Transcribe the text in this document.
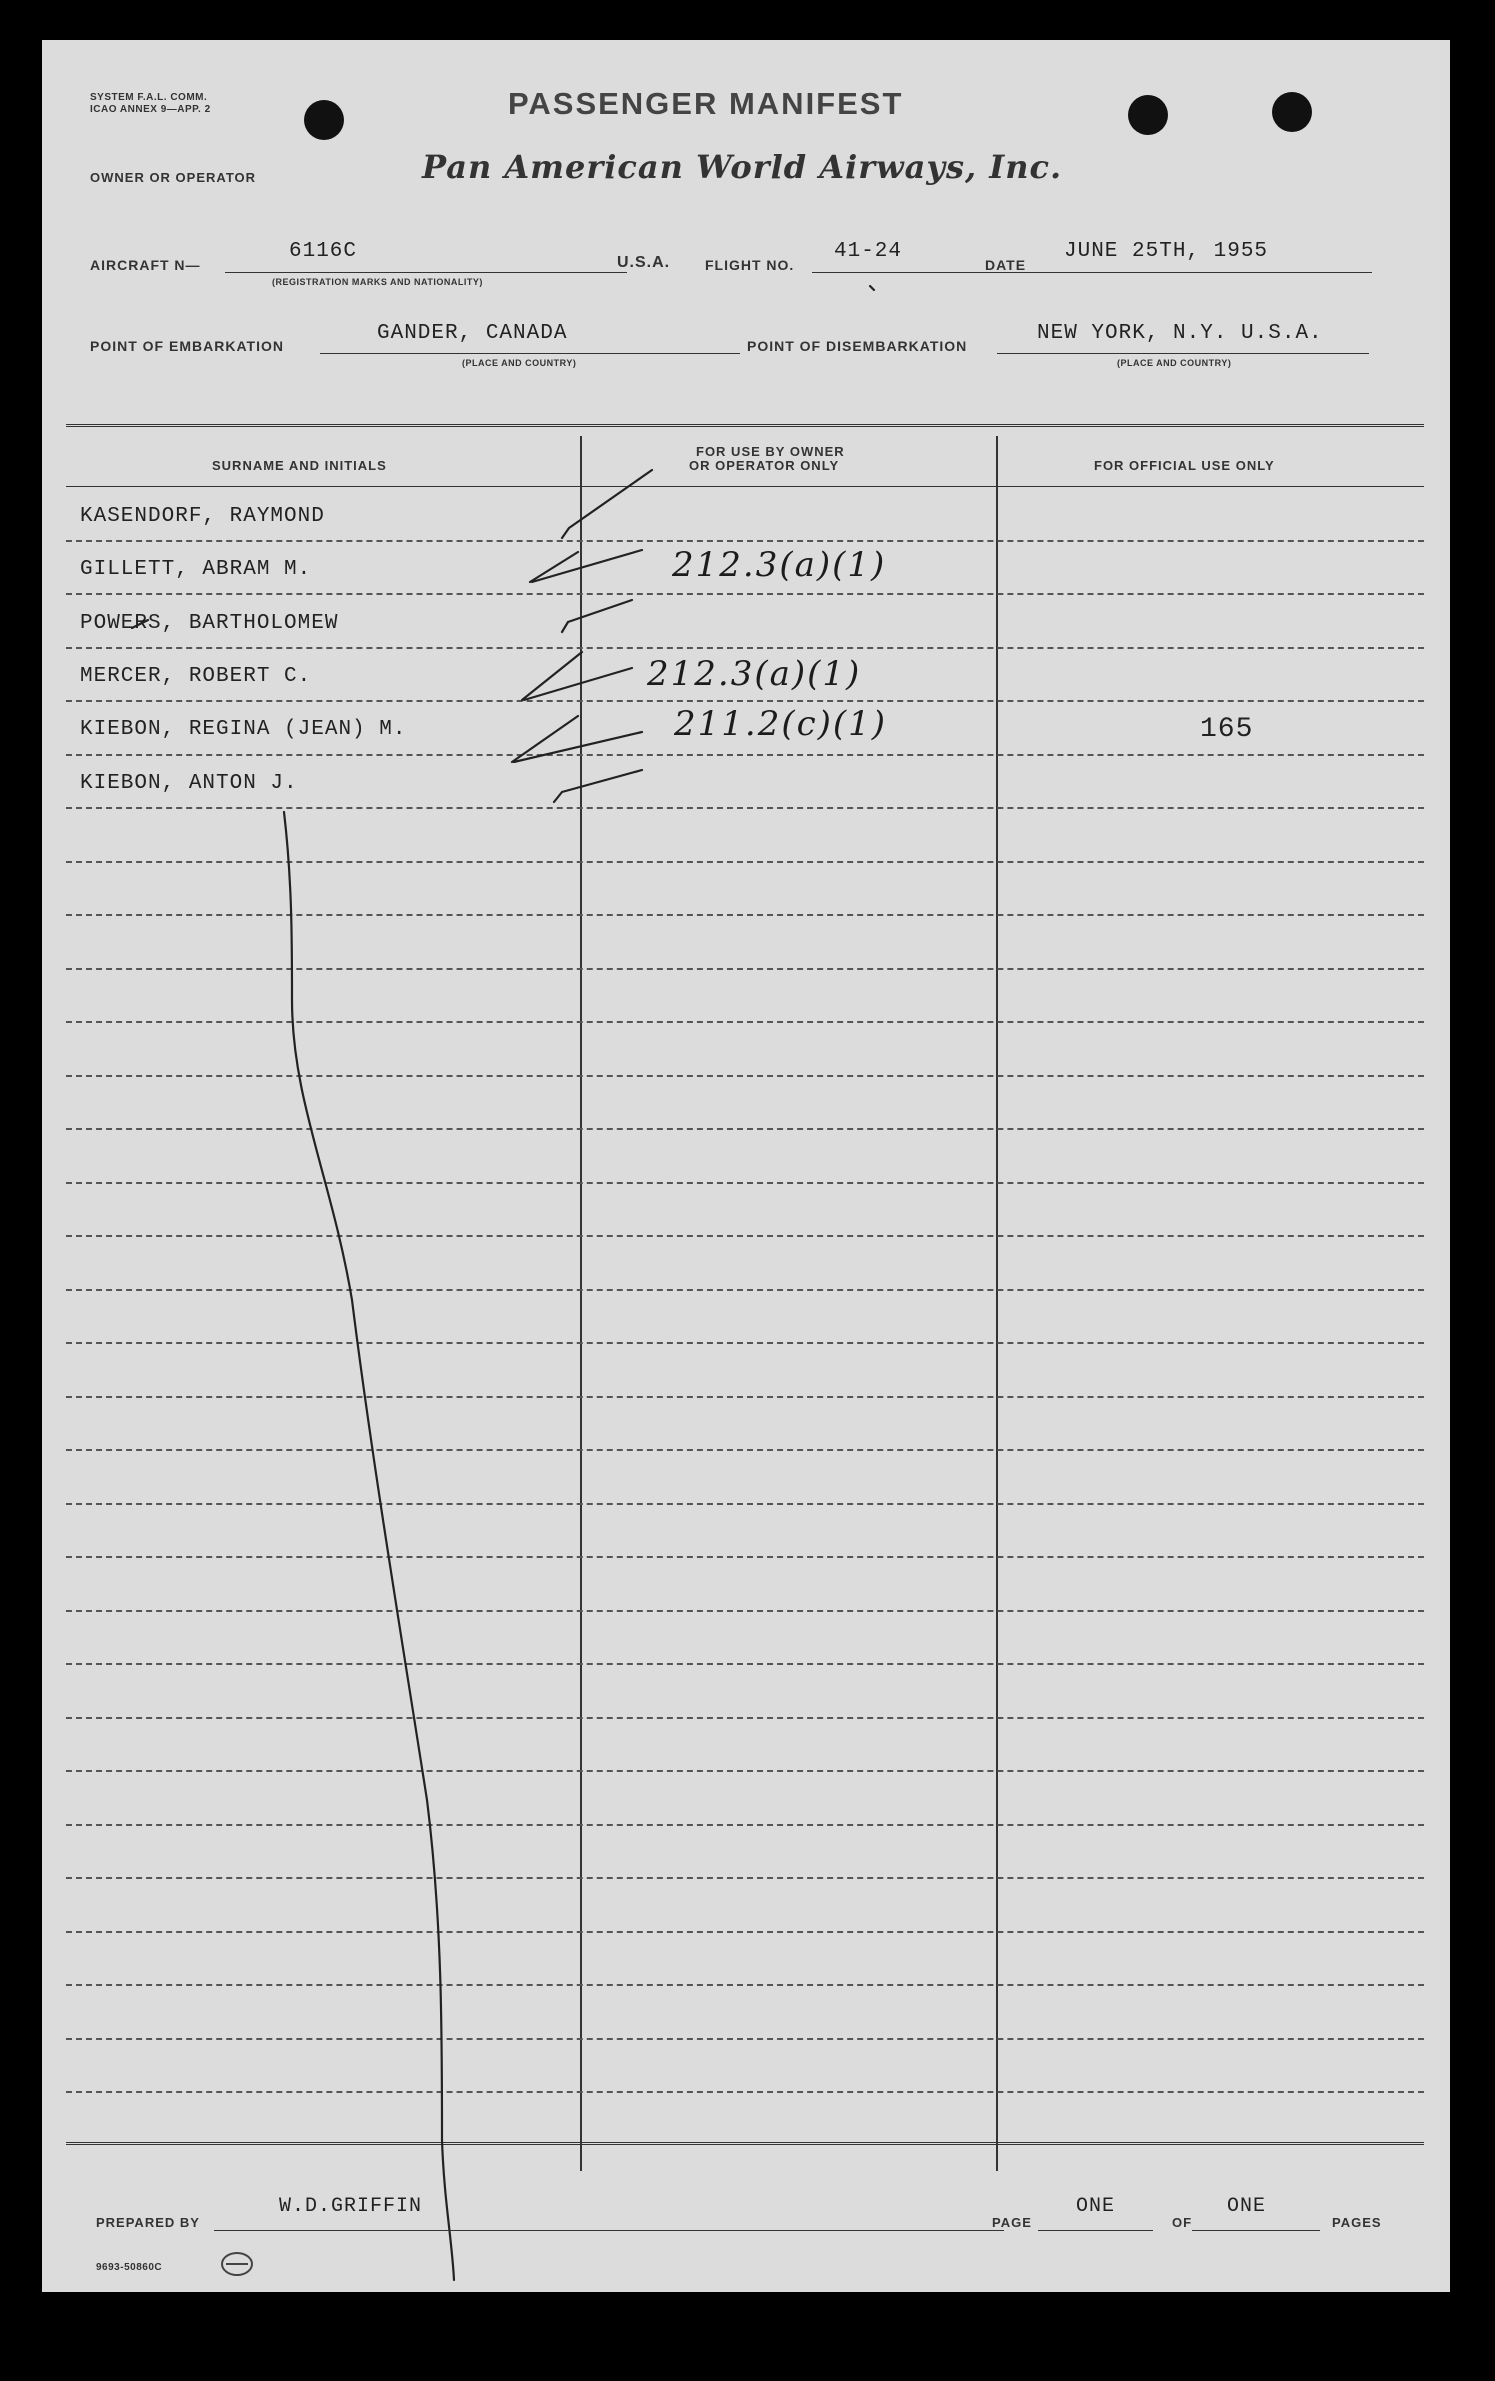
SYSTEM F.A.L. COMM.
ICAO ANNEX 9—APP. 2	PASSENGER MANIFEST
OWNER OR OPERATOR	Pan American World Airways, Inc.
AIRCRAFT N—
6116C
(REGISTRATION MARKS AND NATIONALITY)
U.S.A. FLIGHT NO.
41-24
DATE
JUNE 25TH, 1955
POINT OF EMBARKATION
GANDER, CANADA
(PLACE AND COUNTRY)
POINT OF DISEMBARKATION
NEW YORK, N.Y. U.S.A.
(PLACE AND COUNTRY)
SURNAME AND INITIALS
FOR USE BY OWNER
OR OPERATOR ONLY	FOR OFFICIAL USE ONLY
KASENDORF, RAYMOND
GILLETT, ABRAM M.	212.3(a)(1)
POWERS, BARTHOLOMEW
MERCER, ROBERT C.	212.3(a)(1)
KIEBON, REGINA (JEAN) M.	211.2(c)(1)	165
KIEBON, ANTON J.
PREPARED BY
W.D.GRIFFIN
PAGE
ONE
OF
ONE
PAGES
9693-50860C
